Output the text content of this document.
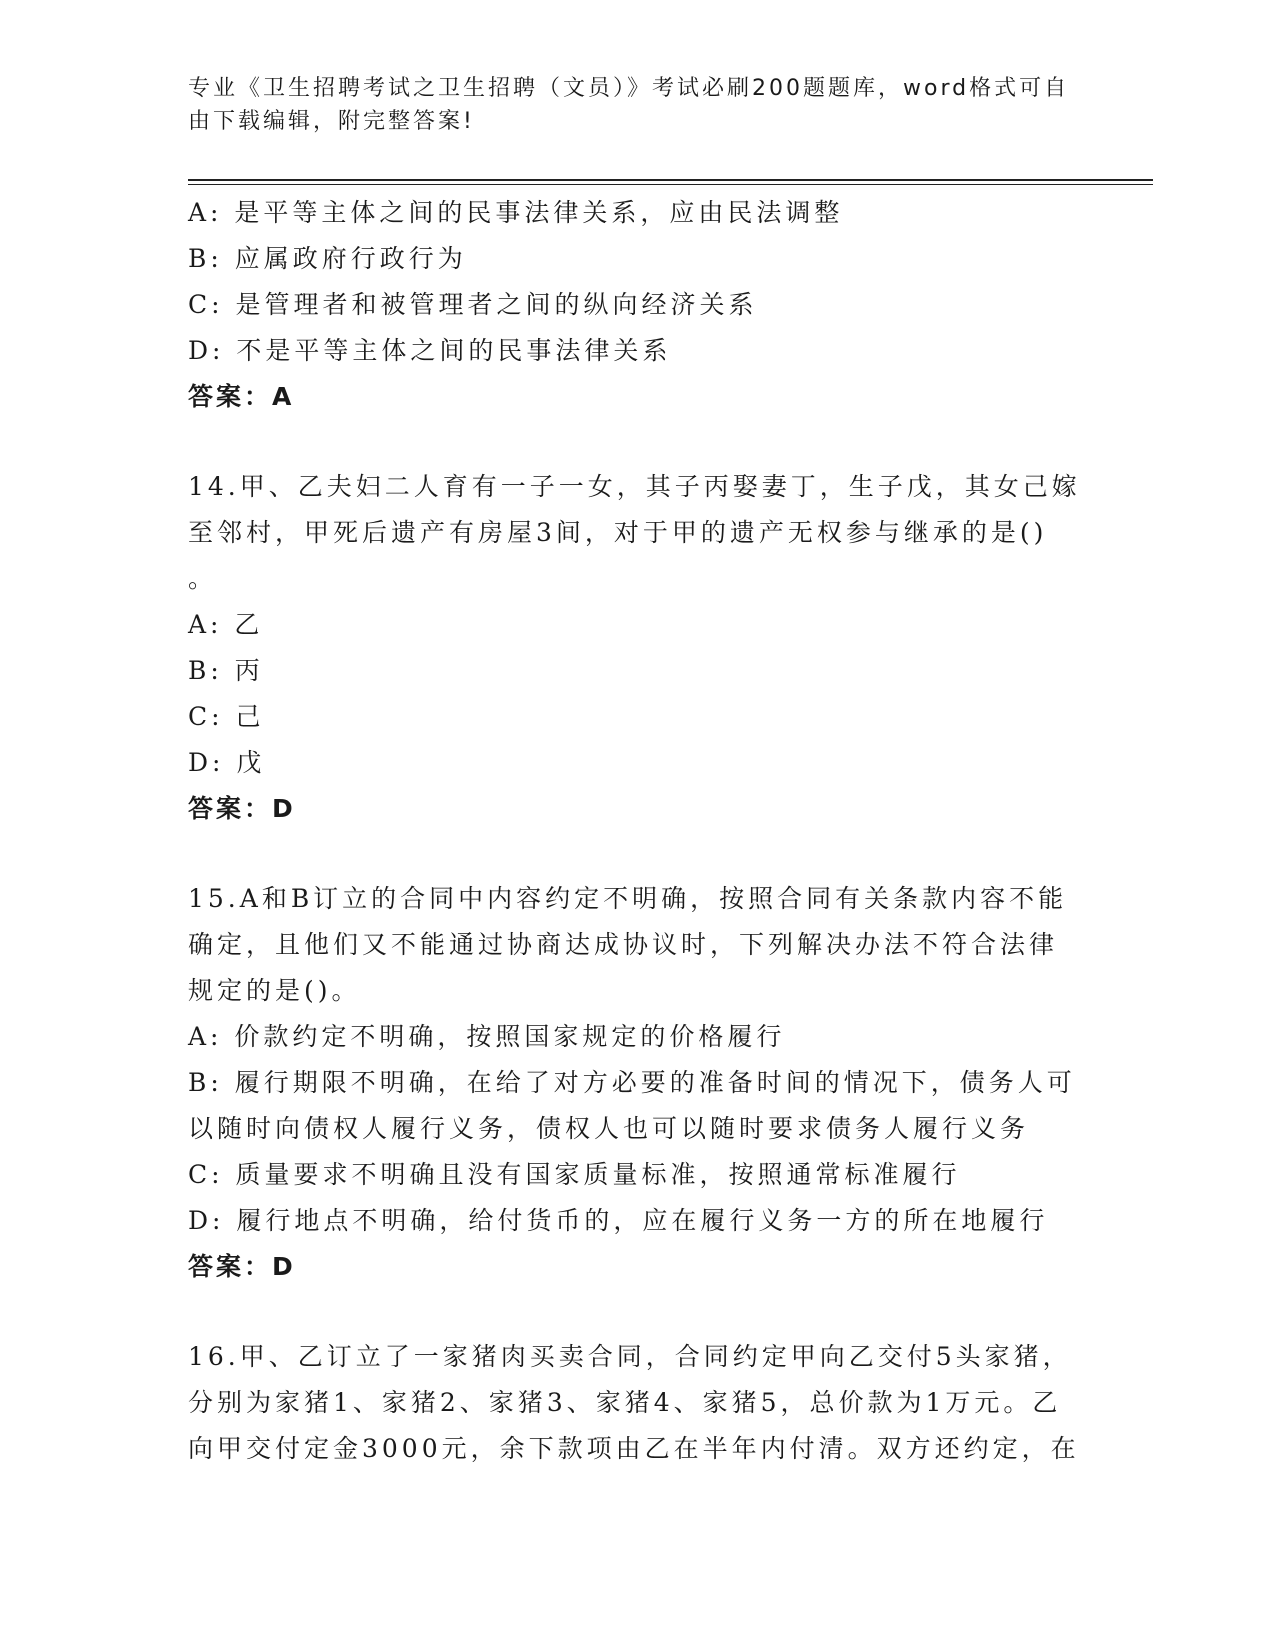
专业《卫生招聘考试之卫生招聘（文员）》考试必刷200题题库，word格式可自
由下载编辑，附完整答案!
A: 是平等主体之间的民事法律关系，应由民法调整
B: 应属政府行政行为
C: 是管理者和被管理者之间的纵向经济关系
D: 不是平等主体之间的民事法律关系
答案：A
14.甲、乙夫妇二人育有一子一女，其子丙娶妻丁，生子戊，其女己嫁
至邻村，甲死后遗产有房屋3间，对于甲的遗产无权参与继承的是()
。
A: 乙
B: 丙
C: 己
D: 戊
答案：D
15.A和B订立的合同中内容约定不明确，按照合同有关条款内容不能
确定，且他们又不能通过协商达成协议时，下列解决办法不符合法律
规定的是()。
A: 价款约定不明确，按照国家规定的价格履行
B: 履行期限不明确，在给了对方必要的准备时间的情况下，债务人可
以随时向债权人履行义务，债权人也可以随时要求债务人履行义务
C: 质量要求不明确且没有国家质量标准，按照通常标准履行
D: 履行地点不明确，给付货币的，应在履行义务一方的所在地履行
答案：D
16.甲、乙订立了一家猪肉买卖合同，合同约定甲向乙交付5头家猪，
分别为家猪1、家猪2、家猪3、家猪4、家猪5，总价款为1万元。乙
向甲交付定金3000元，余下款项由乙在半年内付清。双方还约定，在
